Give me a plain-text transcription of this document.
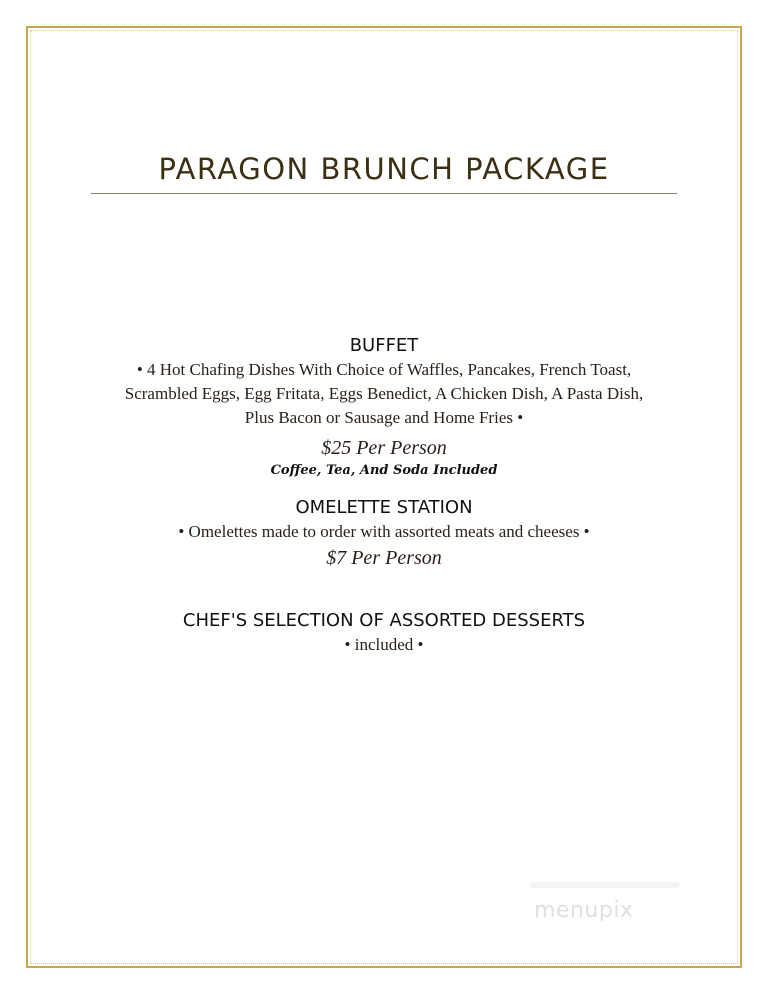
PARAGON BRUNCH PACKAGE
BUFFET

• 4 Hot Chafing Dishes With Choice of Waffles, Pancakes, French Toast,

Scrambled Eggs, Egg Fritata, Eggs Benedict, A Chicken Dish, A Pasta Dish,

Plus Bacon or Sausage and Home Fries •

$25 Per Person

Coffee, Tea, And Soda Included

OMELETTE STATION

• Omelettes made to order with assorted meats and cheeses •

$7 Per Person

CHEF'S SELECTION OF ASSORTED DESSERTS

• included •

menupix
